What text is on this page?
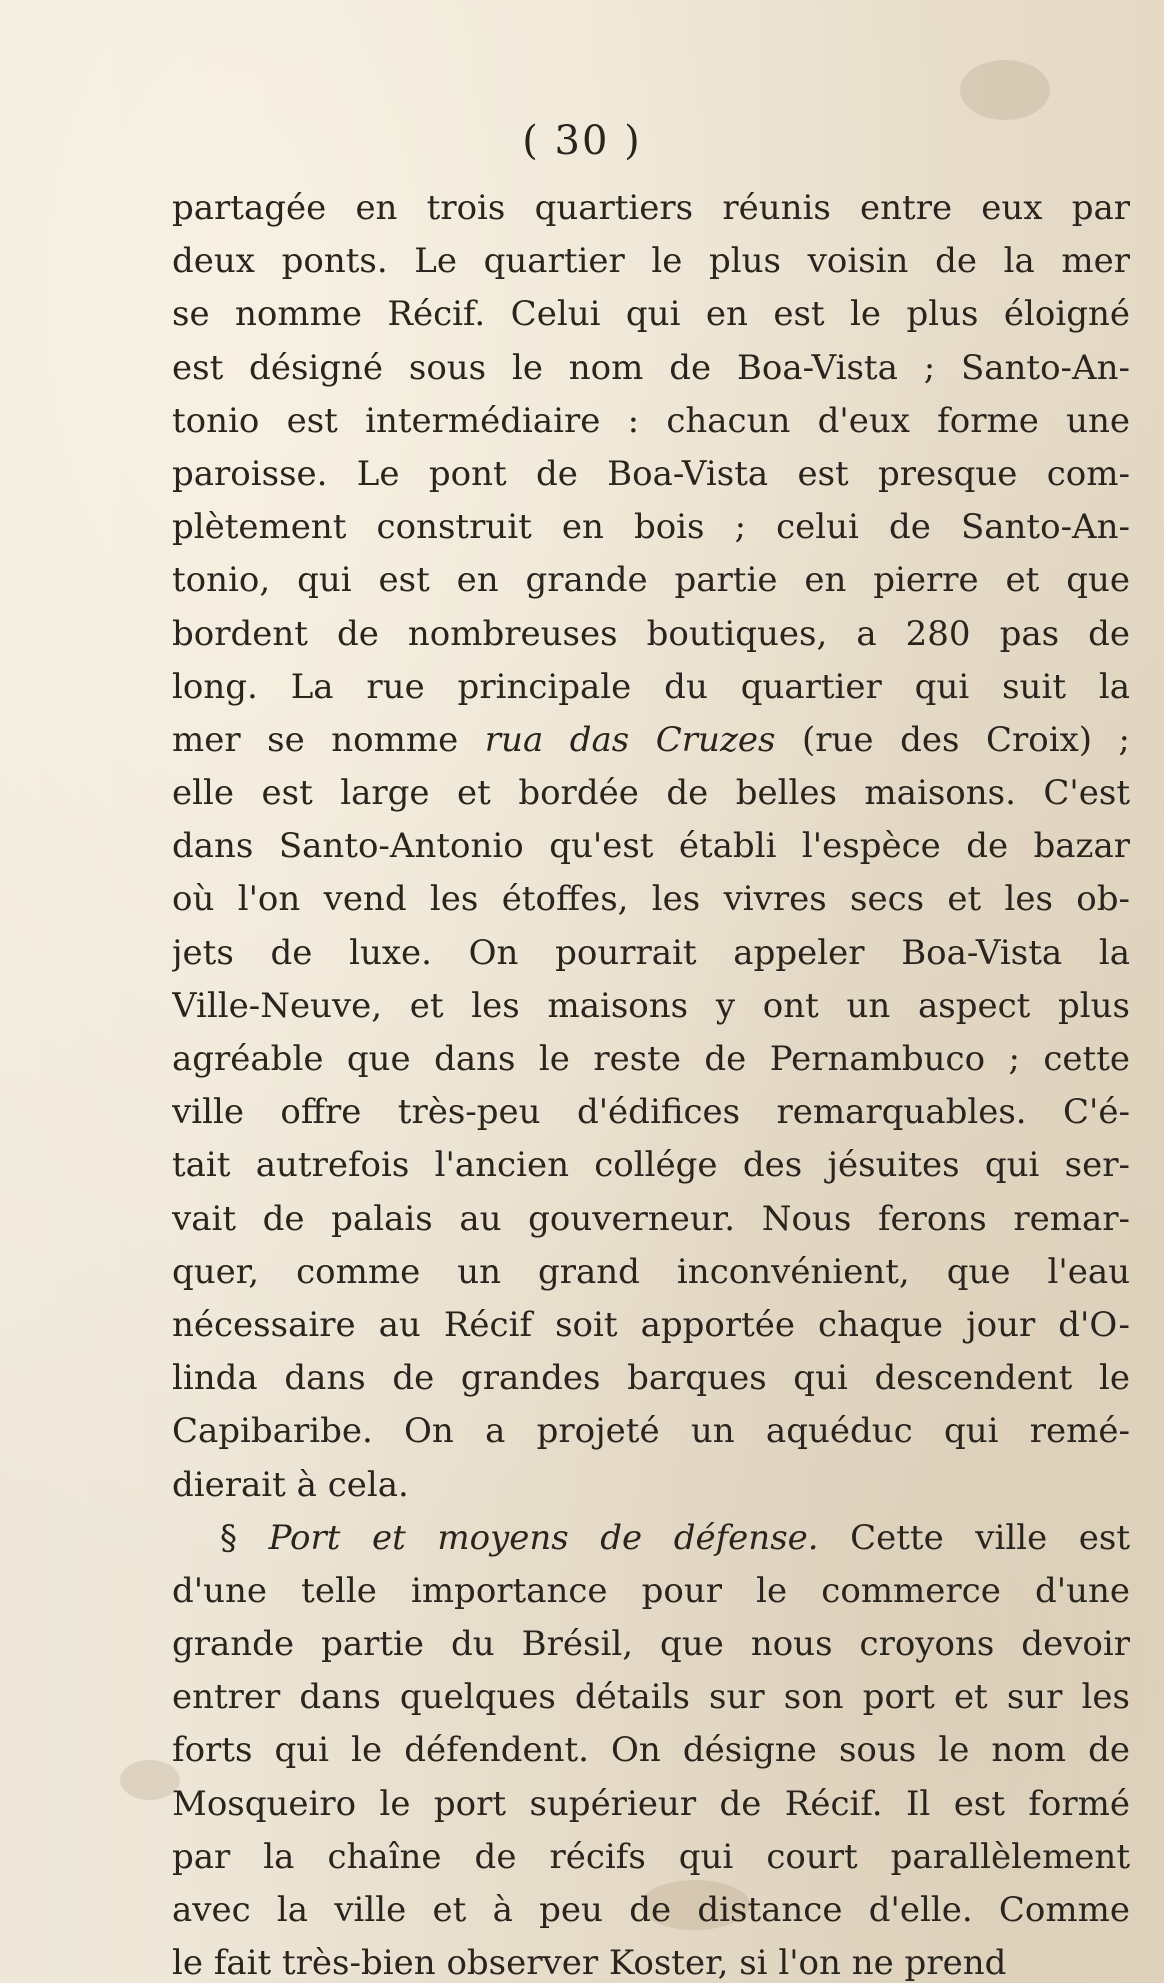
( 30 )
partagée en trois quartiers réunis entre eux par
deux ponts. Le quartier le plus voisin de la mer
se nomme Récif. Celui qui en est le plus éloigné
est désigné sous le nom de Boa-Vista ; Santo-An-
tonio est intermédiaire : chacun d'eux forme une
paroisse. Le pont de Boa-Vista est presque com-
plètement construit en bois ; celui de Santo-An-
tonio, qui est en grande partie en pierre et que
bordent de nombreuses boutiques, a 280 pas de
long. La rue principale du quartier qui suit la
mer se nomme rua das Cruzes (rue des Croix) ;
elle est large et bordée de belles maisons. C'est
dans Santo-Antonio qu'est établi l'espèce de bazar
où l'on vend les étoffes, les vivres secs et les ob-
jets de luxe. On pourrait appeler Boa-Vista la
Ville-Neuve, et les maisons y ont un aspect plus
agréable que dans le reste de Pernambuco ; cette
ville offre très-peu d'édifices remarquables. C'é-
tait autrefois l'ancien collége des jésuites qui ser-
vait de palais au gouverneur. Nous ferons remar-
quer, comme un grand inconvénient, que l'eau
nécessaire au Récif soit apportée chaque jour d'O-
linda dans de grandes barques qui descendent le
Capibaribe. On a projeté un aquéduc qui remé-
dierait à cela.
§ Port et moyens de défense. Cette ville est
d'une telle importance pour le commerce d'une
grande partie du Brésil, que nous croyons devoir
entrer dans quelques détails sur son port et sur les
forts qui le défendent. On désigne sous le nom de
Mosqueiro le port supérieur de Récif. Il est formé
par la chaîne de récifs qui court parallèlement
avec la ville et à peu de distance d'elle. Comme
le fait très-bien observer Koster, si l'on ne prend
